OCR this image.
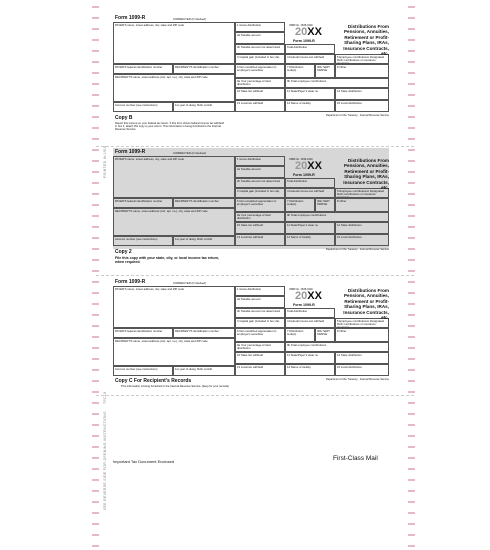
PRINTED IN USA
SEE REVERSE SIDE FOR OPENING INSTRUCTIONS
TPC18
Form 1099-R	CORRECTED (if checked)
PAYER'S name, street address, city, state and ZIP code
PAYER'S federal identification number	RECIPIENT'S identification number
RECIPIENT'S name, street address (incl. apt. no.), city, state and ZIP code
Account number (see instructions)	1st year of desig. Roth contrib.
1 Gross distribution
2a Taxable amount
2b Taxable amount not determined	Total distribution
3 Capital gain (included in box 2a)	4 Federal income tax withheld	5 Employee contributions/ Designated Roth contributions or insurance premiums
6 Net unrealized appreciation in employer's securities
7 Distribution code(s)
IRA/ SEP/ SIMPLE
8 Other
9a Your percentage of total distribution
9b Total employee contributions
10 State tax withheld	11 State/Payer's state no.	12 State distribution
13 Local tax withheld	14 Name of locality	15 Local distribution
OMB No. 1545-0119
20XX
Form 1099-R
Distributions From Pensions, Annuities, Retirement or Profit-Sharing Plans, IRAs, Insurance Contracts, etc.
Copy B
Report this income on your federal tax return. If this form shows federal income tax withheld in box 4, attach this copy to your return. This information is being furnished to the Internal Revenue Service.
Department of the Treasury - Internal Revenue Service
Form 1099-R	CORRECTED (if checked)
PAYER'S name, street address, city, state and ZIP code
PAYER'S federal identification number	RECIPIENT'S identification number
RECIPIENT'S name, street address (incl. apt. no.), city, state and ZIP code
Account number (see instructions)	1st year of desig. Roth contrib.
1 Gross distribution
2a Taxable amount
2b Taxable amount not determined	Total distribution
3 Capital gain (included in box 2a)	4 Federal income tax withheld	5 Employee contributions/ Designated Roth contributions or insurance premiums
6 Net unrealized appreciation in employer's securities
7 Distribution code(s)
IRA/ SEP/ SIMPLE
8 Other
9a Your percentage of total distribution
9b Total employee contributions
10 State tax withheld	11 State/Payer's state no.	12 State distribution
13 Local tax withheld	14 Name of locality	15 Local distribution
OMB No. 1545-0119
20XX
Form 1099-R
Distributions From Pensions, Annuities, Retirement or Profit-Sharing Plans, IRAs, Insurance Contracts, etc.
Copy 2
File this copy with your state, city, or local income tax return, when required.
Department of the Treasury - Internal Revenue Service
Form 1099-R	CORRECTED (if checked)
PAYER'S name, street address, city, state and ZIP code
PAYER'S federal identification number	RECIPIENT'S identification number
RECIPIENT'S name, street address (incl. apt. no.), city, state and ZIP code
Account number (see instructions)	1st year of desig. Roth contrib.
1 Gross distribution
2a Taxable amount
2b Taxable amount not determined	Total distribution
3 Capital gain (included in box 2a)	4 Federal income tax withheld	5 Employee contributions/ Designated Roth contributions or insurance premiums
6 Net unrealized appreciation in employer's securities
7 Distribution code(s)
IRA/ SEP/ SIMPLE
8 Other
9a Your percentage of total distribution
9b Total employee contributions
10 State tax withheld	11 State/Payer's state no.	12 State distribution
13 Local tax withheld	14 Name of locality	15 Local distribution
OMB No. 1545-0119
20XX
Form 1099-R
Distributions From Pensions, Annuities, Retirement or Profit-Sharing Plans, IRAs, Insurance Contracts, etc.
Copy C For Recipient's Records
This information is being furnished to the Internal Revenue Service. (keep for your records)
Department of the Treasury - Internal Revenue Service
Important Tax Document Enclosed	First-Class Mail
